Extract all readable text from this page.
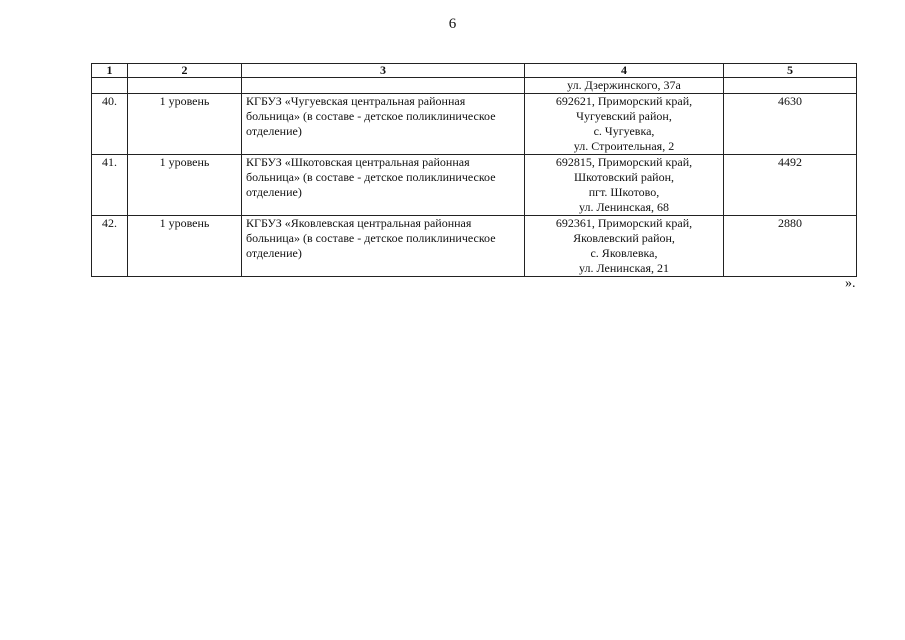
6
1	2	3	4	5
			ул. Дзержинского, 37а	
40.	1 уровень	КГБУЗ «Чугуевская центральная районная
больница» (в составе - детское поликлиническое
отделение)	692621, Приморский край,
Чугуевский район,
с. Чугуевка,
ул. Строительная, 2	4630
41.	1 уровень	КГБУЗ «Шкотовская центральная районная
больница» (в составе - детское поликлиническое
отделение)	692815, Приморский край,
Шкотовский район,
пгт. Шкотово,
ул. Ленинская, 68	4492
42.	1 уровень	КГБУЗ «Яковлевская центральная районная
больница» (в составе - детское поликлиническое
отделение)	692361, Приморский край,
Яковлевский район,
с. Яковлевка,
ул. Ленинская, 21	2880
».
